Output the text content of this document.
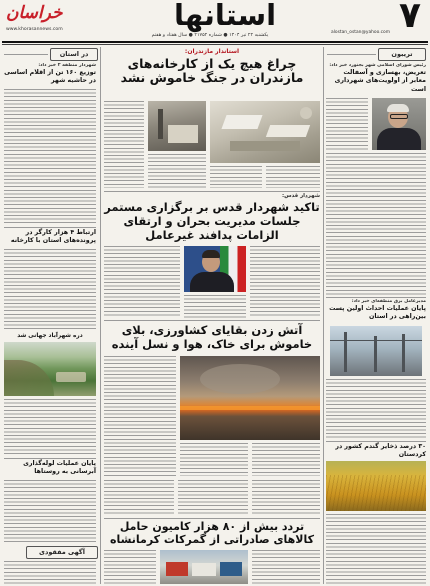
خراسان
www.khorasannews.com	استانها	۷
alostan_ostan@yahoo.com
یکشنبه ۲۲ تیر ۱۴۰۴ ● شماره ۲۱۷۵۲ ● سال هفتاد و هفتم
در استان
شهردار منطقه ۲ خبر داد:
توزیع ۱۶۰ تن از اقلام اساسی در حاشیه شهر
ارتباط ۴ هزار کارگر در پرونده‌های استان با کارخانه
دره شهرآباد جهانی شد
پایان عملیات لوله‌گذاری آبرسانی به روستاها
آگهی مفقودی
استاندار مازندران:
چراغ هیچ یک از کارخانه‌های مازندران در جنگ خاموش نشد
شهردار قدس:
تاکید شهردار قدس بر برگزاری مستمر جلسات مدیریت بحران و ارتقای الزامات پدافند غیرعامل
آتش زدن بقایای کشاورزی، بلای خاموش برای خاک، هوا و نسل آینده
تردد بیش از ۸۰ هزار کامیون حامل کالاهای صادراتی از گمرکات کرمانشاه
تریبون
رئیس شورای اسلامی شهر بجنورد خبر داد:
تعریض، بهسازی و آسفالت معابر از اولویت‌های شهرداری است
مدیرعامل برق منطقه‌ای خبر داد:
پایان عملیات احداث اولین پست بین‌راهی در استان
۳۰ درصد ذخایر گندم کشور در کردستان
